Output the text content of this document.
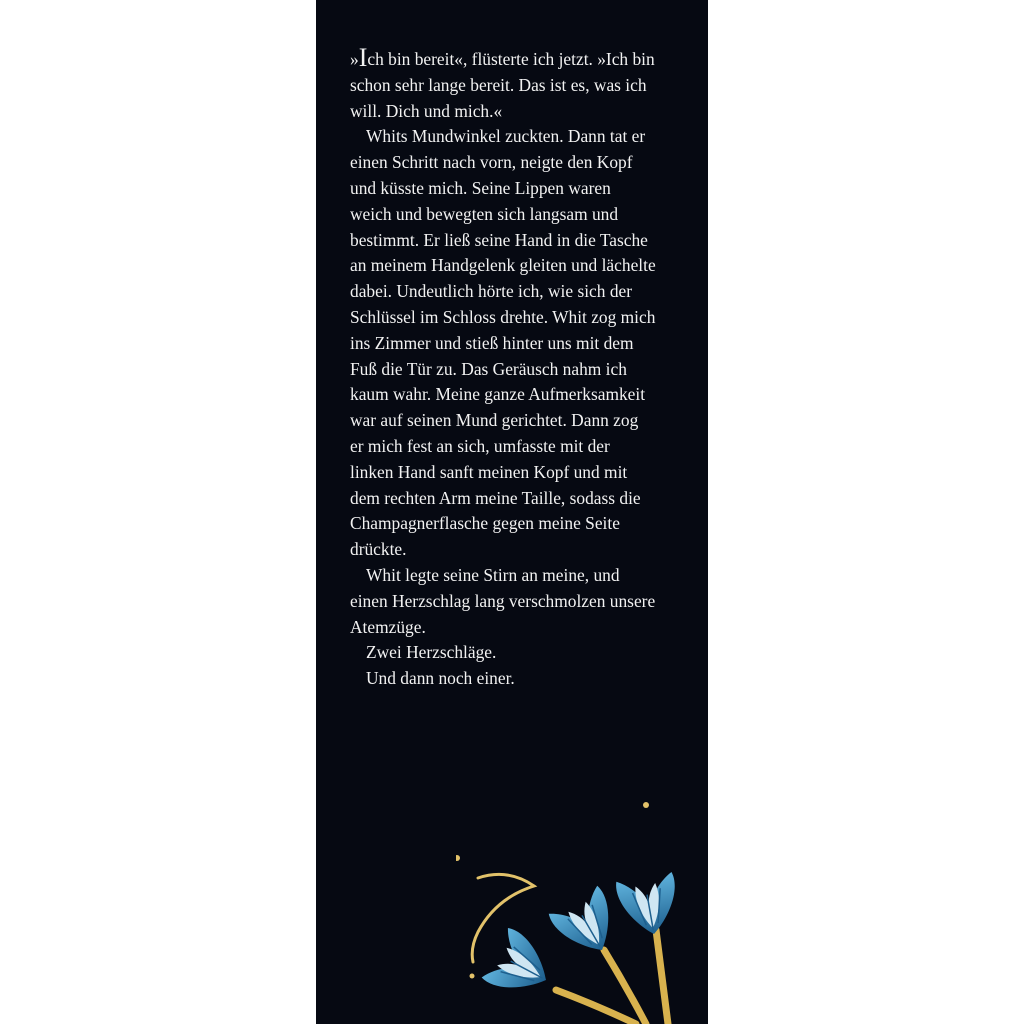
»Ich bin bereit«, flüsterte ich jetzt. »Ich bin

schon sehr lange bereit. Das ist es, was ich

will. Dich und mich.«

Whits Mundwinkel zuckten. Dann tat er

einen Schritt nach vorn, neigte den Kopf

und küsste mich. Seine Lippen waren

weich und bewegten sich langsam und

bestimmt. Er ließ seine Hand in die Tasche

an meinem Handgelenk gleiten und lächelte

dabei. Undeutlich hörte ich, wie sich der

Schlüssel im Schloss drehte. Whit zog mich

ins Zimmer und stieß hinter uns mit dem

Fuß die Tür zu. Das Geräusch nahm ich

kaum wahr. Meine ganze Aufmerksamkeit

war auf seinen Mund gerichtet. Dann zog

er mich fest an sich, umfasste mit der

linken Hand sanft meinen Kopf und mit

dem rechten Arm meine Taille, sodass die

Champagnerflasche gegen meine Seite

drückte.

Whit legte seine Stirn an meine, und

einen Herzschlag lang verschmolzen unsere

Atemzüge.

Zwei Herzschläge.

Und dann noch einer.
